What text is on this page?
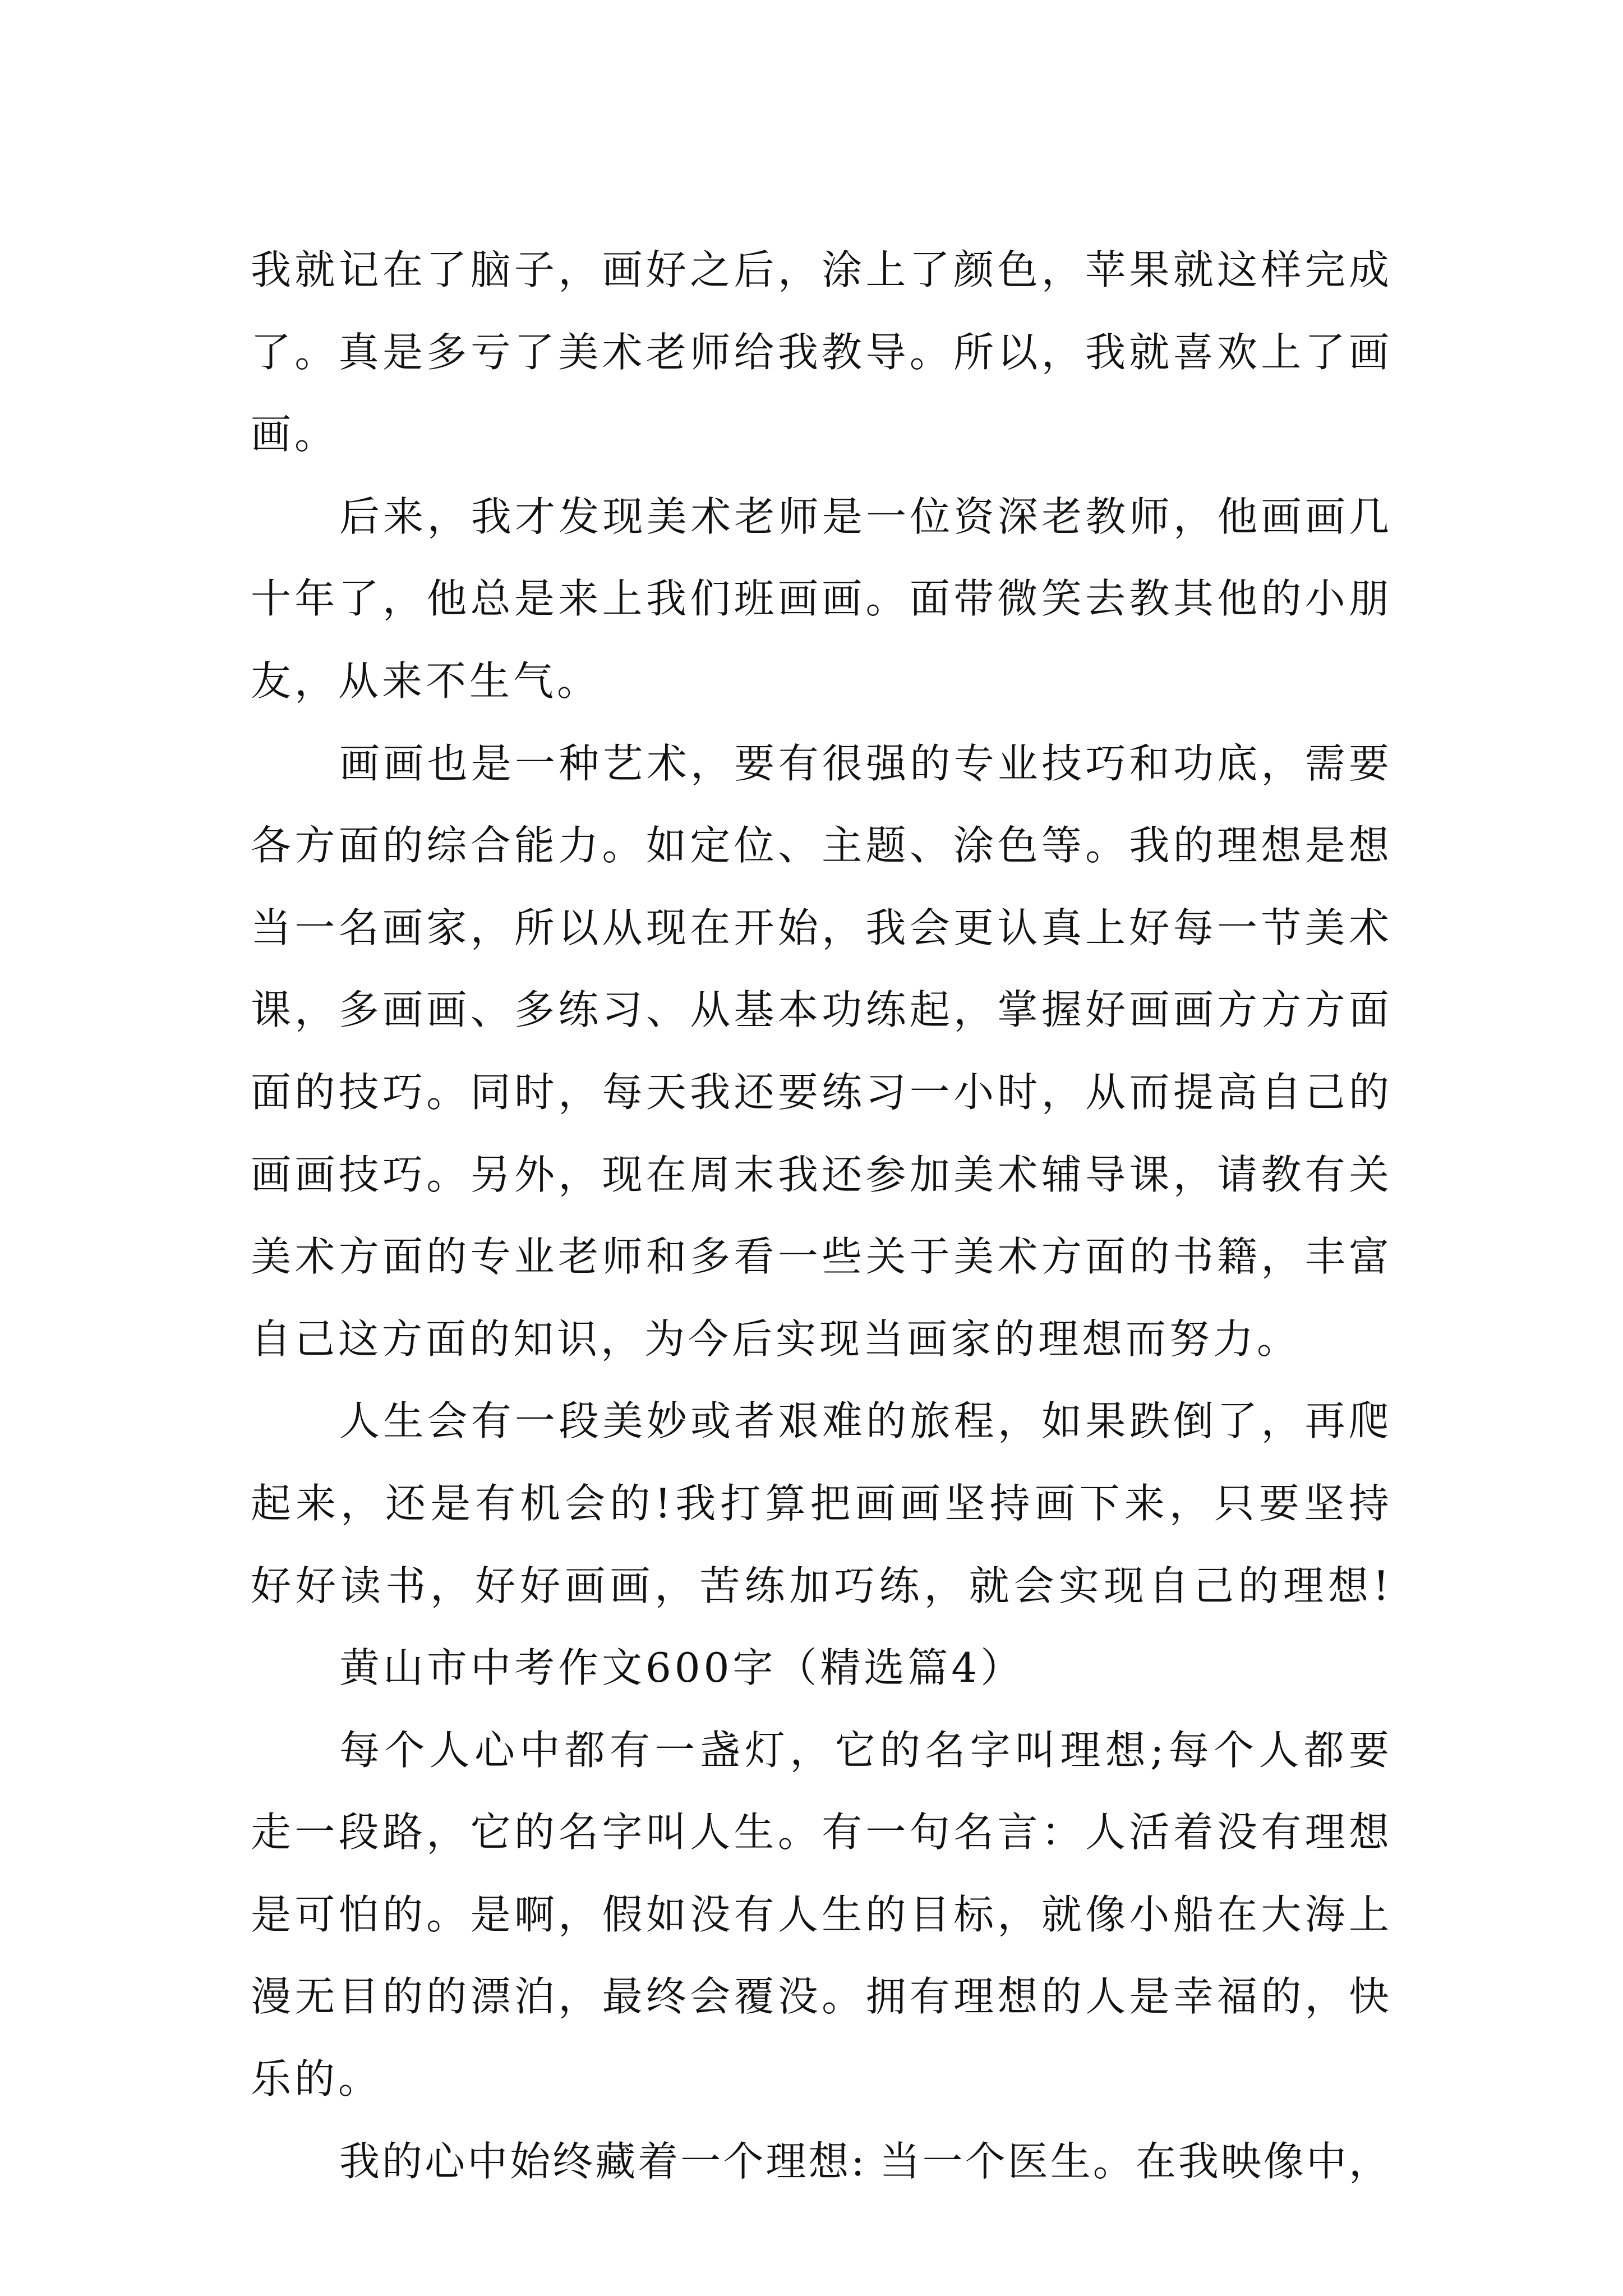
我就记在了脑子，画好之后，涂上了颜色，苹果就这样完成
了。真是多亏了美术老师给我教导。所以，我就喜欢上了画
画。
后来，我才发现美术老师是一位资深老教师，他画画几
十年了，他总是来上我们班画画。面带微笑去教其他的小朋
友，从来不生气。
画画也是一种艺术，要有很强的专业技巧和功底，需要
各方面的综合能力。如定位、主题、涂色等。我的理想是想
当一名画家，所以从现在开始，我会更认真上好每一节美术
课，多画画、多练习、从基本功练起，掌握好画画方方方面
面的技巧。同时，每天我还要练习一小时，从而提高自己的
画画技巧。另外，现在周末我还参加美术辅导课，请教有关
美术方面的专业老师和多看一些关于美术方面的书籍，丰富
自己这方面的知识，为今后实现当画家的理想而努力。
人生会有一段美妙或者艰难的旅程，如果跌倒了，再爬
起来，还是有机会的!我打算把画画坚持画下来，只要坚持
好好读书，好好画画，苦练加巧练，就会实现自己的理想!
黄山市中考作文600字（精选篇4）
每个人心中都有一盏灯，它的名字叫理想;每个人都要
走一段路，它的名字叫人生。有一句名言：人活着没有理想
是可怕的。是啊，假如没有人生的目标，就像小船在大海上
漫无目的的漂泊，最终会覆没。拥有理想的人是幸福的，快
乐的。
我的心中始终藏着一个理想: 当一个医生。在我映像中，
